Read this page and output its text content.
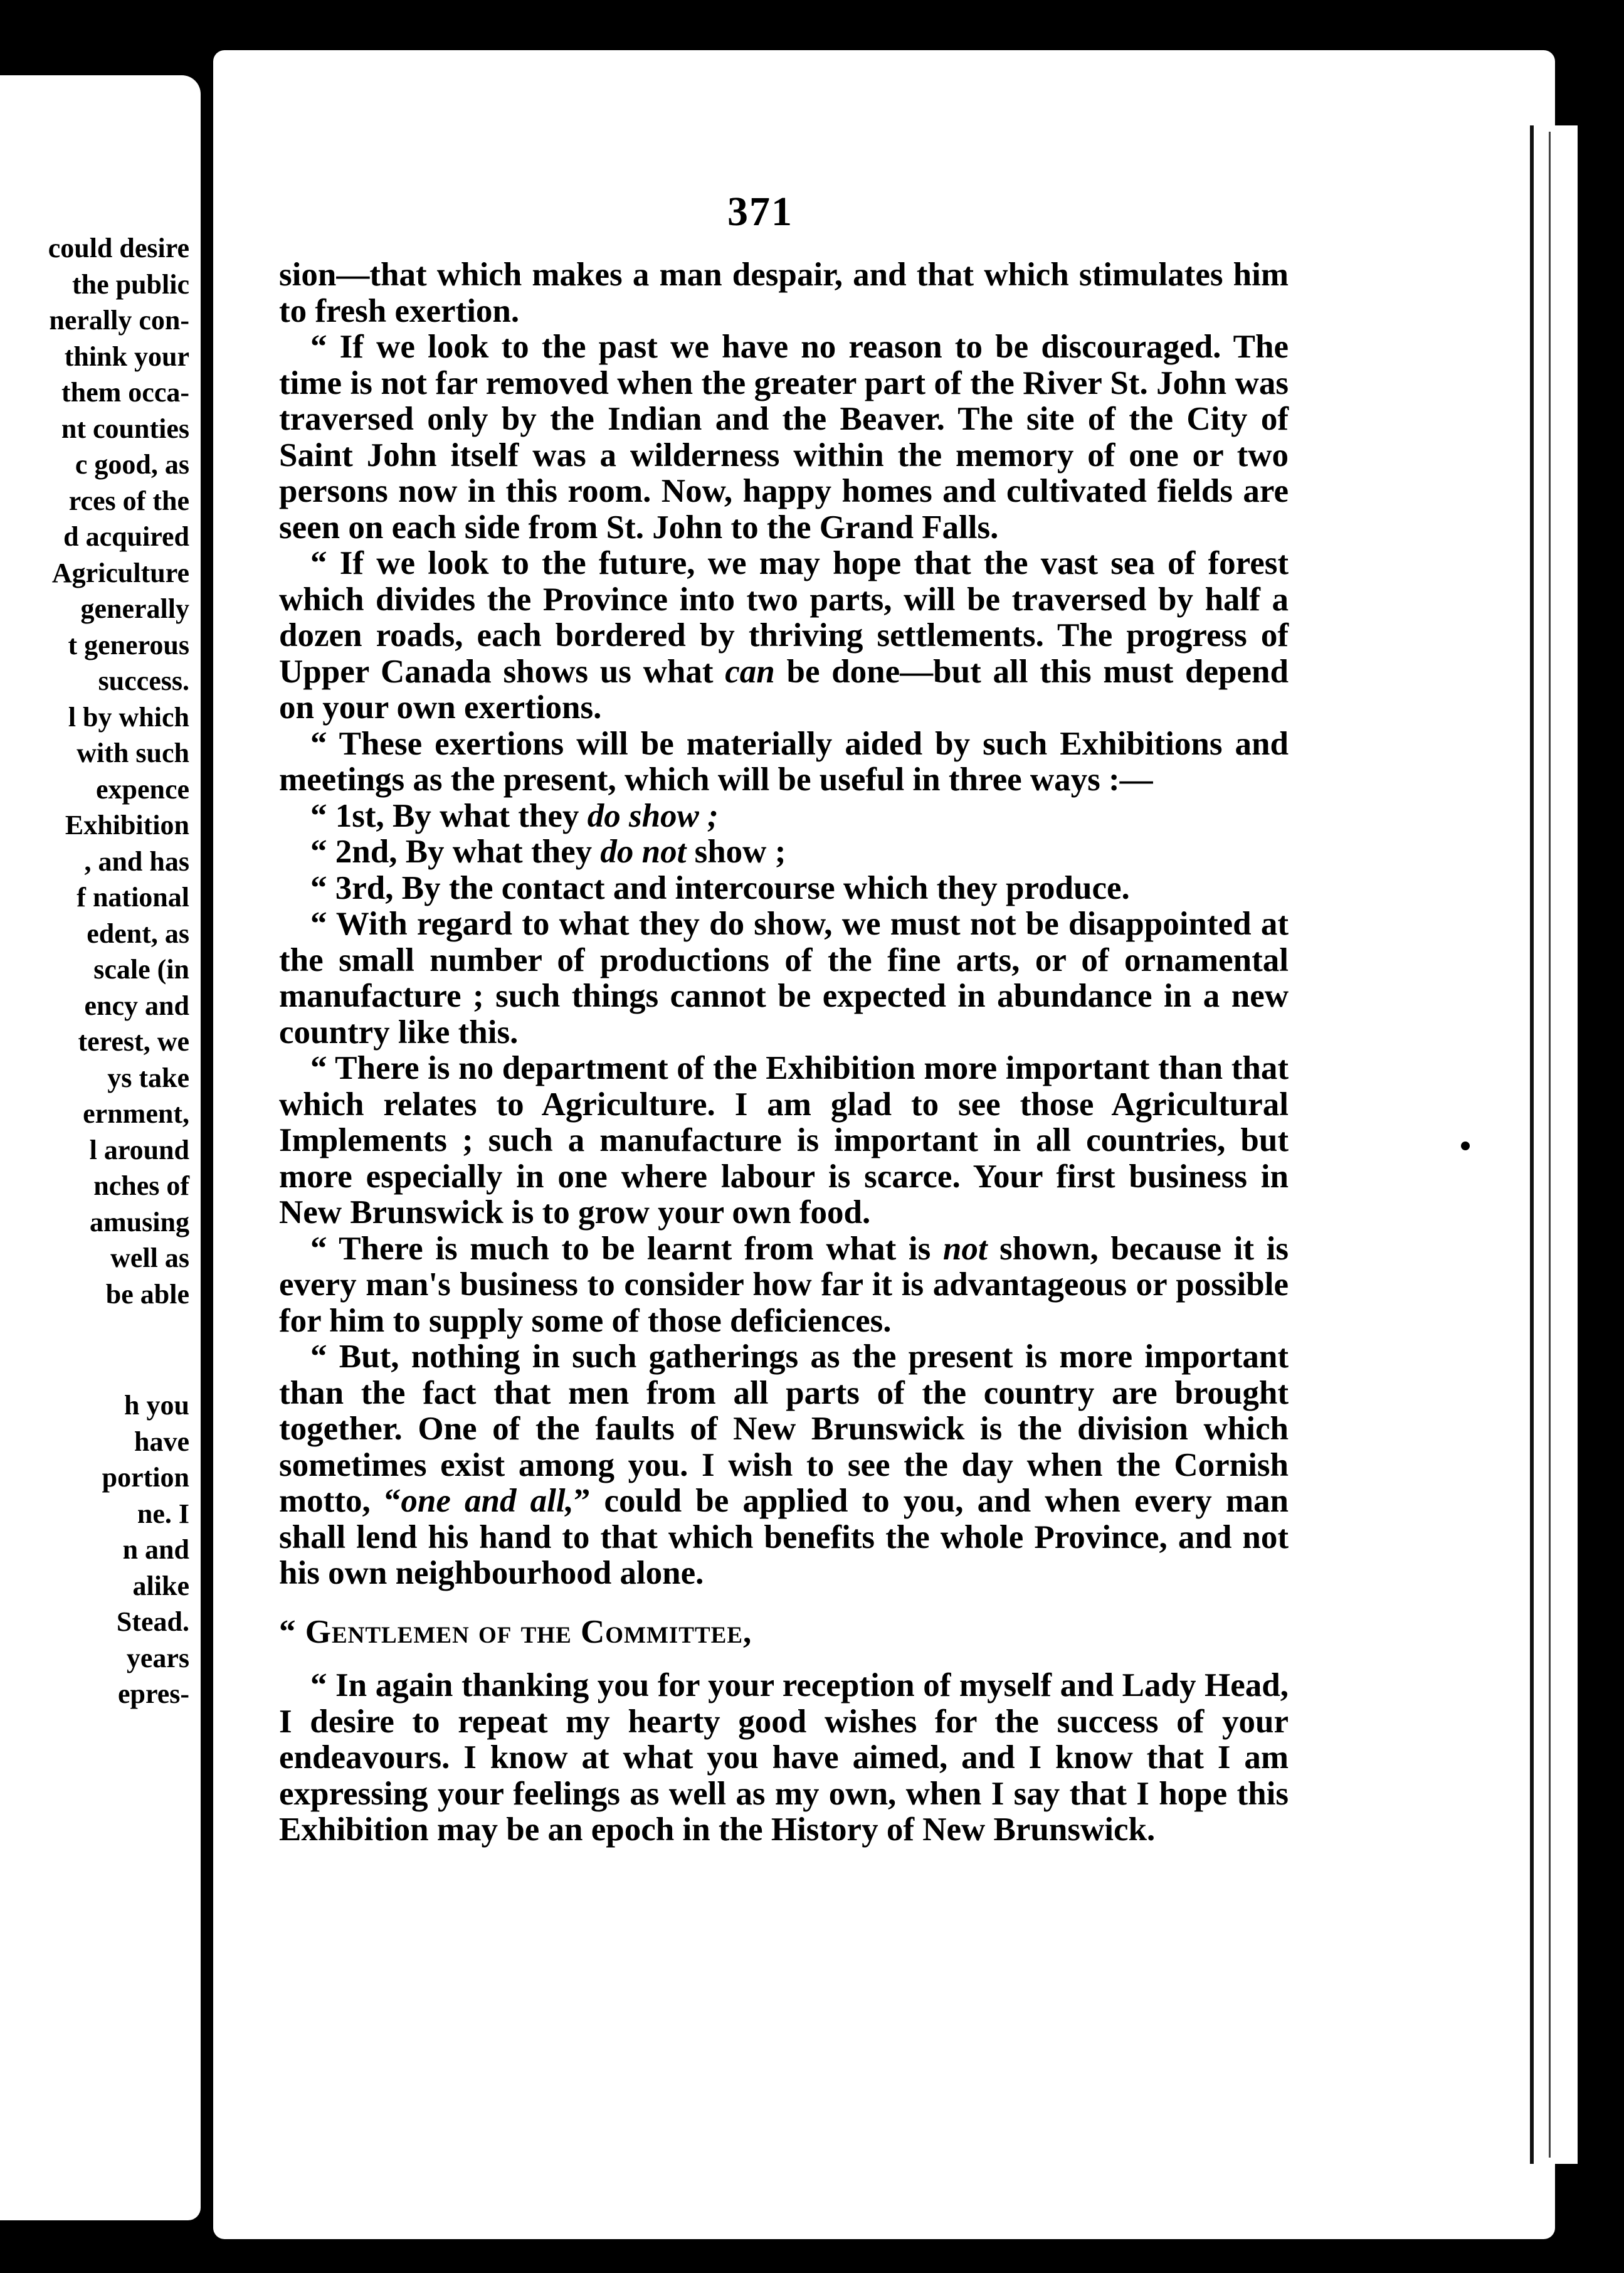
could desire
the public
nerally con-
think your
them occa-
nt counties
c good, as
rces of the
d acquired
Agriculture
generally
t generous
success.
l by which
with such
expence
Exhibition
, and has
f national
edent, as
scale (in
ency and
terest, we
ys take
ernment,
l around
nches of
amusing
well as
be able
h you
have
portion
ne. I
n and
alike
Stead.
years
epres-
371

sion—that which makes a man despair, and that which stimulates him to fresh exertion.

“ If we look to the past we have no reason to be discouraged. The time is not far removed when the greater part of the River St. John was traversed only by the Indian and the Beaver. The site of the City of Saint John itself was a wilderness within the memory of one or two persons now in this room. Now, happy homes and cultivated fields are seen on each side from St. John to the Grand Falls.

“ If we look to the future, we may hope that the vast sea of forest which divides the Province into two parts, will be traversed by half a dozen roads, each bordered by thriving settlements. The progress of Upper Canada shows us what can be done—but all this must depend on your own exertions.

“ These exertions will be materially aided by such Exhibitions and meetings as the present, which will be useful in three ways :—

“ 1st, By what they do show ;

“ 2nd, By what they do not show ;

“ 3rd, By the contact and intercourse which they produce.

“ With regard to what they do show, we must not be disappointed at the small number of productions of the fine arts, or of ornamental manufacture ; such things cannot be expected in abundance in a new country like this.

“ There is no department of the Exhibition more important than that which relates to Agriculture. I am glad to see those Agricultural Implements ; such a manufacture is important in all countries, but more especially in one where labour is scarce. Your first business in New Brunswick is to grow your own food.

“ There is much to be learnt from what is not shown, because it is every man's business to consider how far it is advantageous or possible for him to supply some of those deficiences.

“ But, nothing in such gatherings as the present is more important than the fact that men from all parts of the country are brought together. One of the faults of New Brunswick is the division which sometimes exist among you. I wish to see the day when the Cornish motto, “one and all,” could be applied to you, and when every man shall lend his hand to that which benefits the whole Province, and not his own neighbourhood alone.

“ Gentlemen of the Committee,

“ In again thanking you for your reception of myself and Lady Head, I desire to repeat my hearty good wishes for the success of your endeavours. I know at what you have aimed, and I know that I am expressing your feelings as well as my own, when I say that I hope this Exhibition may be an epoch in the History of New Brunswick.
